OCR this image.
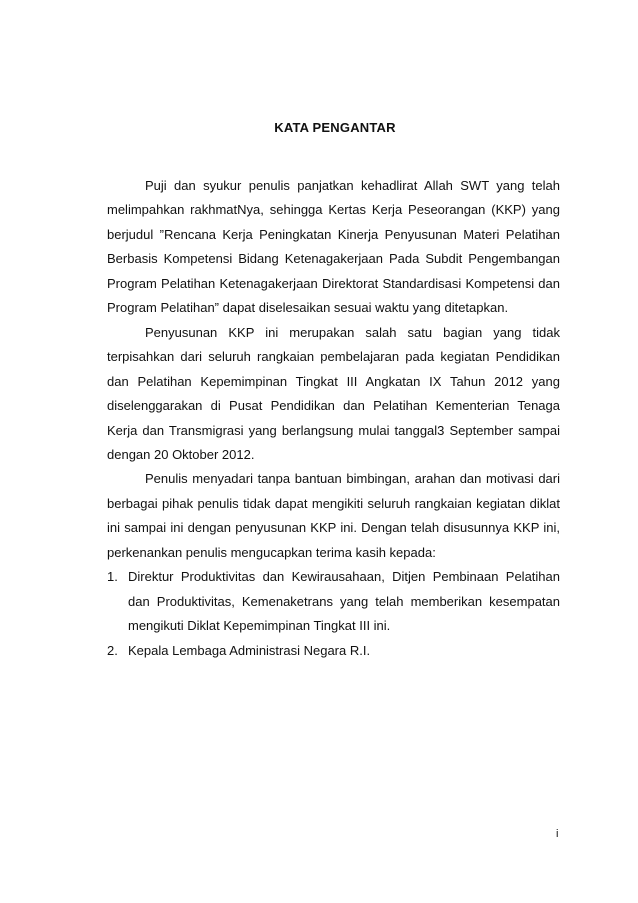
KATA PENGANTAR

Puji dan syukur penulis panjatkan kehadlirat Allah SWT yang telah melimpahkan rakhmatNya, sehingga Kertas Kerja Peseorangan (KKP) yang berjudul ”Rencana Kerja Peningkatan Kinerja Penyusunan Materi Pelatihan Berbasis Kompetensi Bidang Ketenagakerjaan Pada Subdit Pengembangan Program Pelatihan Ketenagakerjaan Direktorat Standardisasi Kompetensi dan Program Pelatihan” dapat diselesaikan sesuai waktu yang ditetapkan.

Penyusunan KKP ini merupakan salah satu bagian yang tidak terpisahkan dari seluruh rangkaian pembelajaran pada kegiatan Pendidikan dan Pelatihan Kepemimpinan Tingkat III Angkatan IX Tahun 2012 yang diselenggarakan di Pusat Pendidikan dan Pelatihan Kementerian Tenaga Kerja dan Transmigrasi yang berlangsung mulai tanggal3 September sampai dengan 20 Oktober 2012.

Penulis menyadari tanpa bantuan bimbingan, arahan dan motivasi dari berbagai pihak penulis tidak dapat mengikiti seluruh rangkaian kegiatan diklat ini sampai ini dengan penyusunan KKP ini. Dengan telah disusunnya KKP ini, perkenankan penulis mengucapkan terima kasih kepada:

1. Direktur Produktivitas dan Kewirausahaan, Ditjen Pembinaan Pelatihan dan Produktivitas, Kemenaketrans yang telah memberikan kesempatan mengikuti Diklat Kepemimpinan Tingkat III ini.
2. Kepala Lembaga Administrasi Negara R.I.
i
